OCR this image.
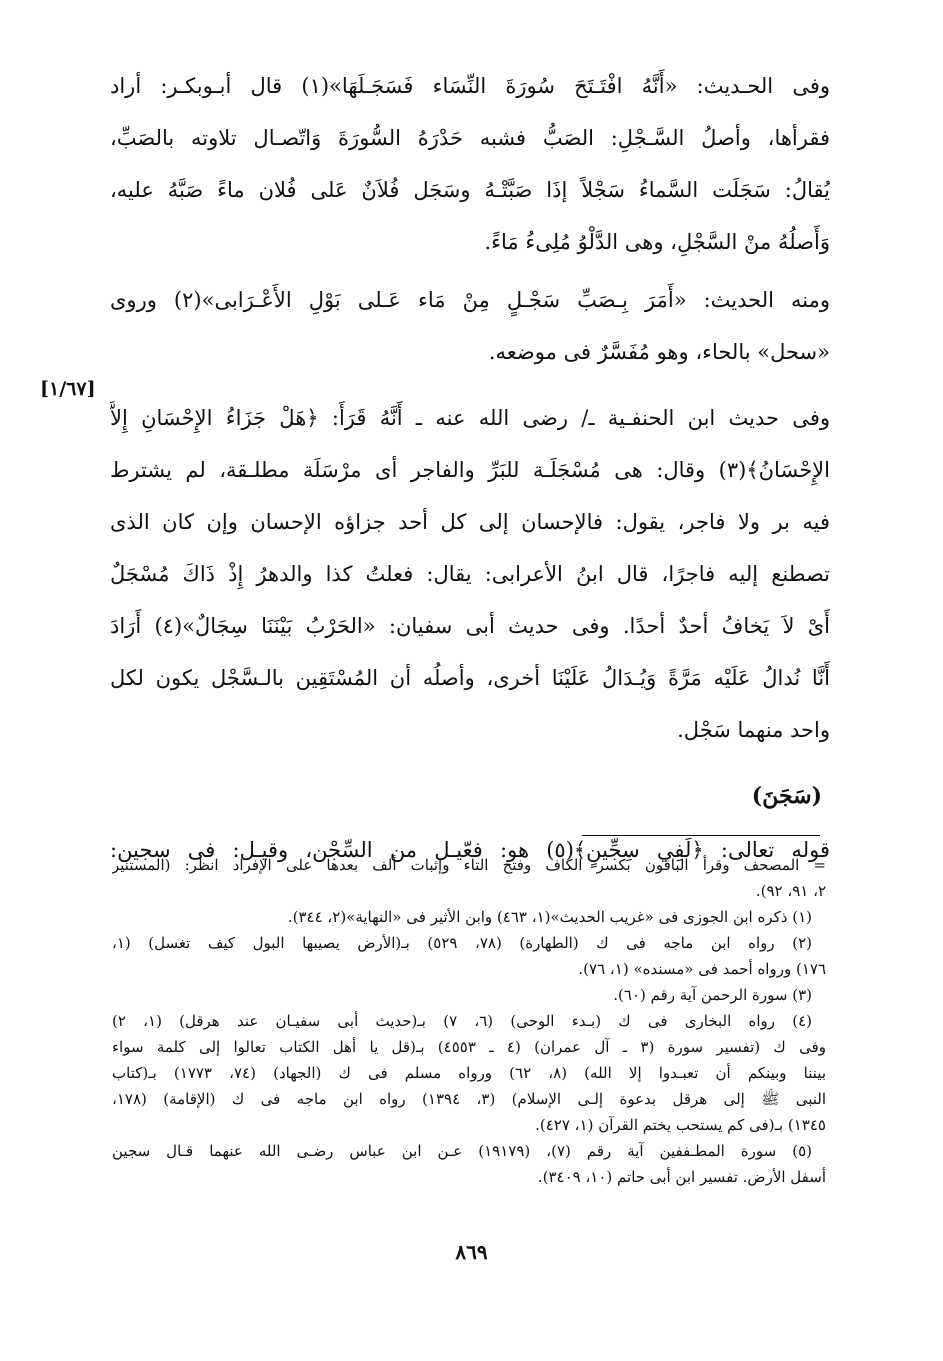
[١/٦٧]
وفى الحـديث: «أَنَّهُ افْتَـتَحَ سُورَةَ النِّسَاء فَسَجَـلَهَا»(١) قال أبـوبكـر: أراد
فقرأها، وأصلُ السَّـجْلِ: الصَبُّ فشبه حَدْرَهُ السُّورَةَ وَاتّصـال تلاوته بالصَبِّ،
يُقالُ: سَجَلَت السَّماءُ سَجْلاً إذَا صَبَّتْـهُ وسَجَل فُلاَنٌ عَلى فُلان ماءً صَبَّهُ عليه،
وَأَصلُهُ منْ السَّجْلِ، وهى الدَّلْوُ مُلِىءُ مَاءً.
ومنه الحديث: «أَمَرَ بِـصَبِّ سَجْـلٍ مِنْ مَاء عَـلى بَوْلِ الأَعْـرَابى»(٢) وروى
«سحل» بالحاء، وهو مُفَسَّرٌ فى موضعه.
وفى حديث ابن الحنفـية ـ/ رضى الله عنه ـ أَنَّهُ قَرَأَ: ﴿هَلْ جَزَاءُ الإِحْسَانِ إِلاَّ
الإِحْسَانُ﴾(٣) وقال: هى مُسْجَلَـة للبَرِّ والفاجر أى مرْسَلَة مطلـقة، لم يشترط
فيه بر ولا فاجر، يقول: فالإحسان إلى كل أحد جزاؤه الإحسان وإن كان الذى
تصطنع إليه فاجرًا، قال ابنُ الأعرابى: يقال: فعلتُ كذا والدهرُ إِذْ ذَاكَ مُسْجَلٌ
أَىْ لاَ يَخافُ أحدٌ أحدًا. وفى حديث أبى سفيان: «الحَرْبُ بَيْنَنَا سِجَالٌ»(٤) أَرَادَ
أَنَّا نُدالُ عَلَيْه مَرَّةً وَيُـدَالُ عَلَيْنَا أخرى، وأصلُه أن المُسْتَقِين بالـسَّجْل يكون لكل
واحد منهما سَجْل.
(سَجَنَ)
قوله تعالى: ﴿لَفِي سِجِّينٍ﴾(٥) هو: فعّيـل من السِّجْن، وقيـل: فى سجين:
= المصحف وقرأ الباقون بكسر الكاف وفتح التاء وإثبات ألف بعدها على الإفراد انظر: (المستنير
٢، ٩١، ٩٢).
(١) ذكره ابن الجوزى فى «غريب الحديث»(١، ٤٦٣) وابن الأثير فى «النهاية»(٢، ٣٤٤).
(٢) رواه ابن ماجه فى ك (الطهارة) (٧٨، ٥٢٩) بـ(الأرض يصيبها البول كيف تغسل) (١،
١٧٦) ورواه أحمد فى «مسنده» (١، ٧٦).
(٣) سورة الرحمن آية رقم (٦٠).
(٤) رواه البخارى فى ك (بـدء الوحى) (٦، ٧) بـ(حديث أبى سفيـان عند هرقل) (١، ٢)
وفى ك (تفسير سورة (٣ ـ آل عمران) (٤ ـ ٤٥٥٣) بـ(قل يا أهل الكتاب تعالوا إلى كلمة سواء
بيننا وبينكم أن تعبـدوا إلا الله) (٨، ٦٢) ورواه مسلم فى ك (الجهاد) (٧٤، ١٧٧٣) بـ(كتاب
النبى ﷺ إلى هرقل بدعوة إلـى الإسلام) (٣، ١٣٩٤) رواه ابن ماجه فى ك (الإقامة) (١٧٨،
١٣٤٥) بـ(فى كم يستحب يختم القرآن (١، ٤٢٧).
(٥) سورة المطـففين آية رقم (٧)، (١٩١٧٩) عـن ابن عباس رضـى الله عنهما قـال سجين
أسفل الأرض. تفسير ابن أبى حاتم (١٠، ٣٤٠٩).
٨٦٩
